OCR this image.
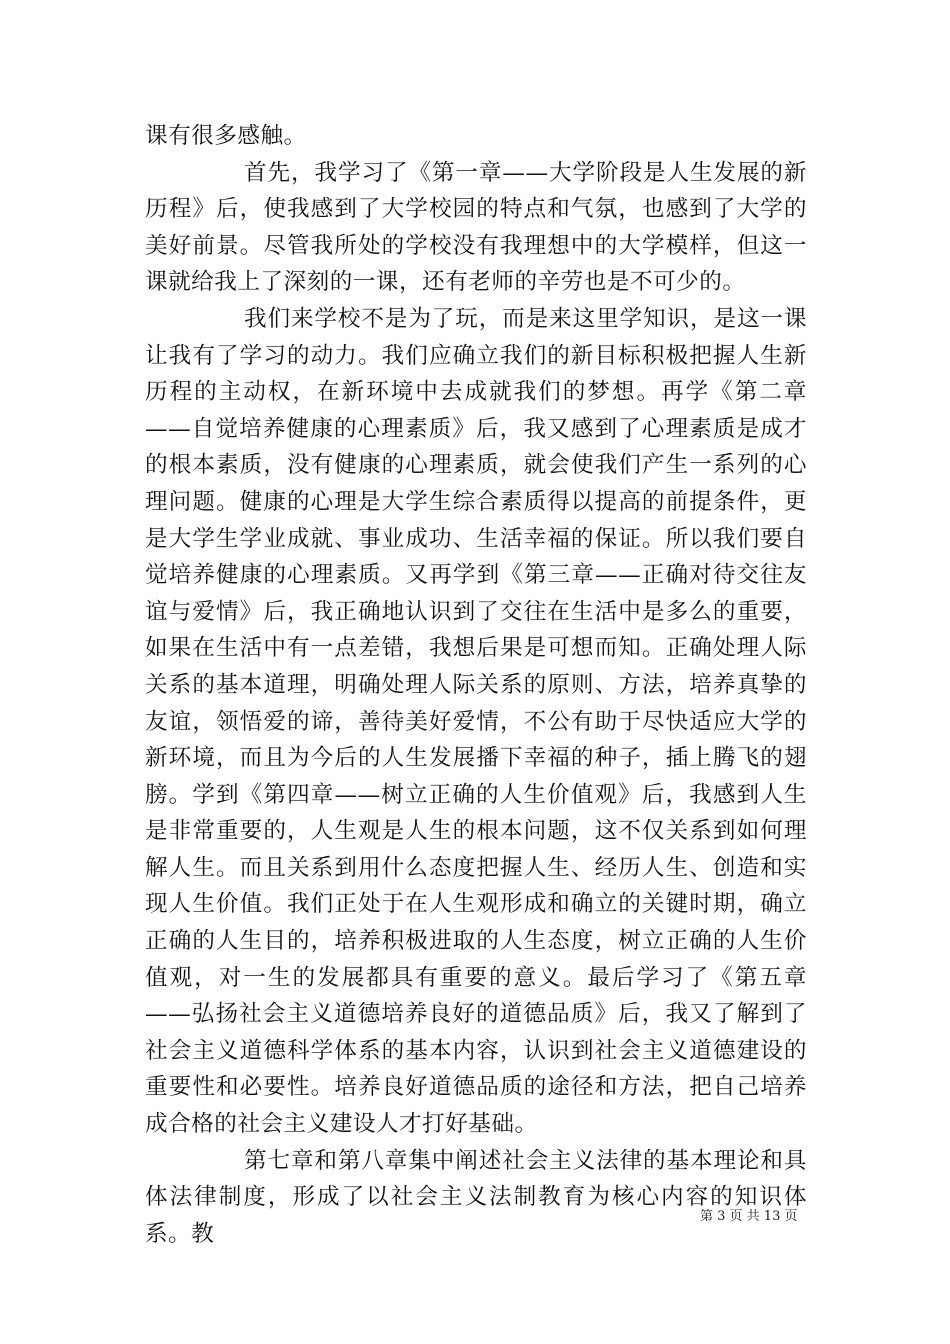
课有很多感触。

首先，我学习了《第一章——大学阶段是人生发展的新历程》后，使我感到了大学校园的特点和气氛，也感到了大学的美好前景。尽管我所处的学校没有我理想中的大学模样，但这一课就给我上了深刻的一课，还有老师的辛劳也是不可少的。

我们来学校不是为了玩，而是来这里学知识，是这一课让我有了学习的动力。我们应确立我们的新目标积极把握人生新历程的主动权，在新环境中去成就我们的梦想。再学《第二章——自觉培养健康的心理素质》后，我又感到了心理素质是成才的根本素质，没有健康的心理素质，就会使我们产生一系列的心理问题。健康的心理是大学生综合素质得以提高的前提条件，更是大学生学业成就、事业成功、生活幸福的保证。所以我们要自觉培养健康的心理素质。又再学到《第三章——正确对待交往友谊与爱情》后，我正确地认识到了交往在生活中是多么的重要，如果在生活中有一点差错，我想后果是可想而知。正确处理人际关系的基本道理，明确处理人际关系的原则、方法，培养真挚的友谊，领悟爱的谛，善待美好爱情，不公有助于尽快适应大学的新环境，而且为今后的人生发展播下幸福的种子，插上腾飞的翅膀。学到《第四章——树立正确的人生价值观》后，我感到人生是非常重要的，人生观是人生的根本问题，这不仅关系到如何理解人生。而且关系到用什么态度把握人生、经历人生、创造和实现人生价值。我们正处于在人生观形成和确立的关键时期，确立正确的人生目的，培养积极进取的人生态度，树立正确的人生价值观，对一生的发展都具有重要的意义。最后学习了《第五章——弘扬社会主义道德培养良好的道德品质》后，我又了解到了社会主义道德科学体系的基本内容，认识到社会主义道德建设的重要性和必要性。培养良好道德品质的途径和方法，把自己培养成合格的社会主义建设人才打好基础。

第七章和第八章集中阐述社会主义法律的基本理论和具体法律制度，形成了以社会主义法制教育为核心内容的知识体系。教

第 3 页 共 13 页
